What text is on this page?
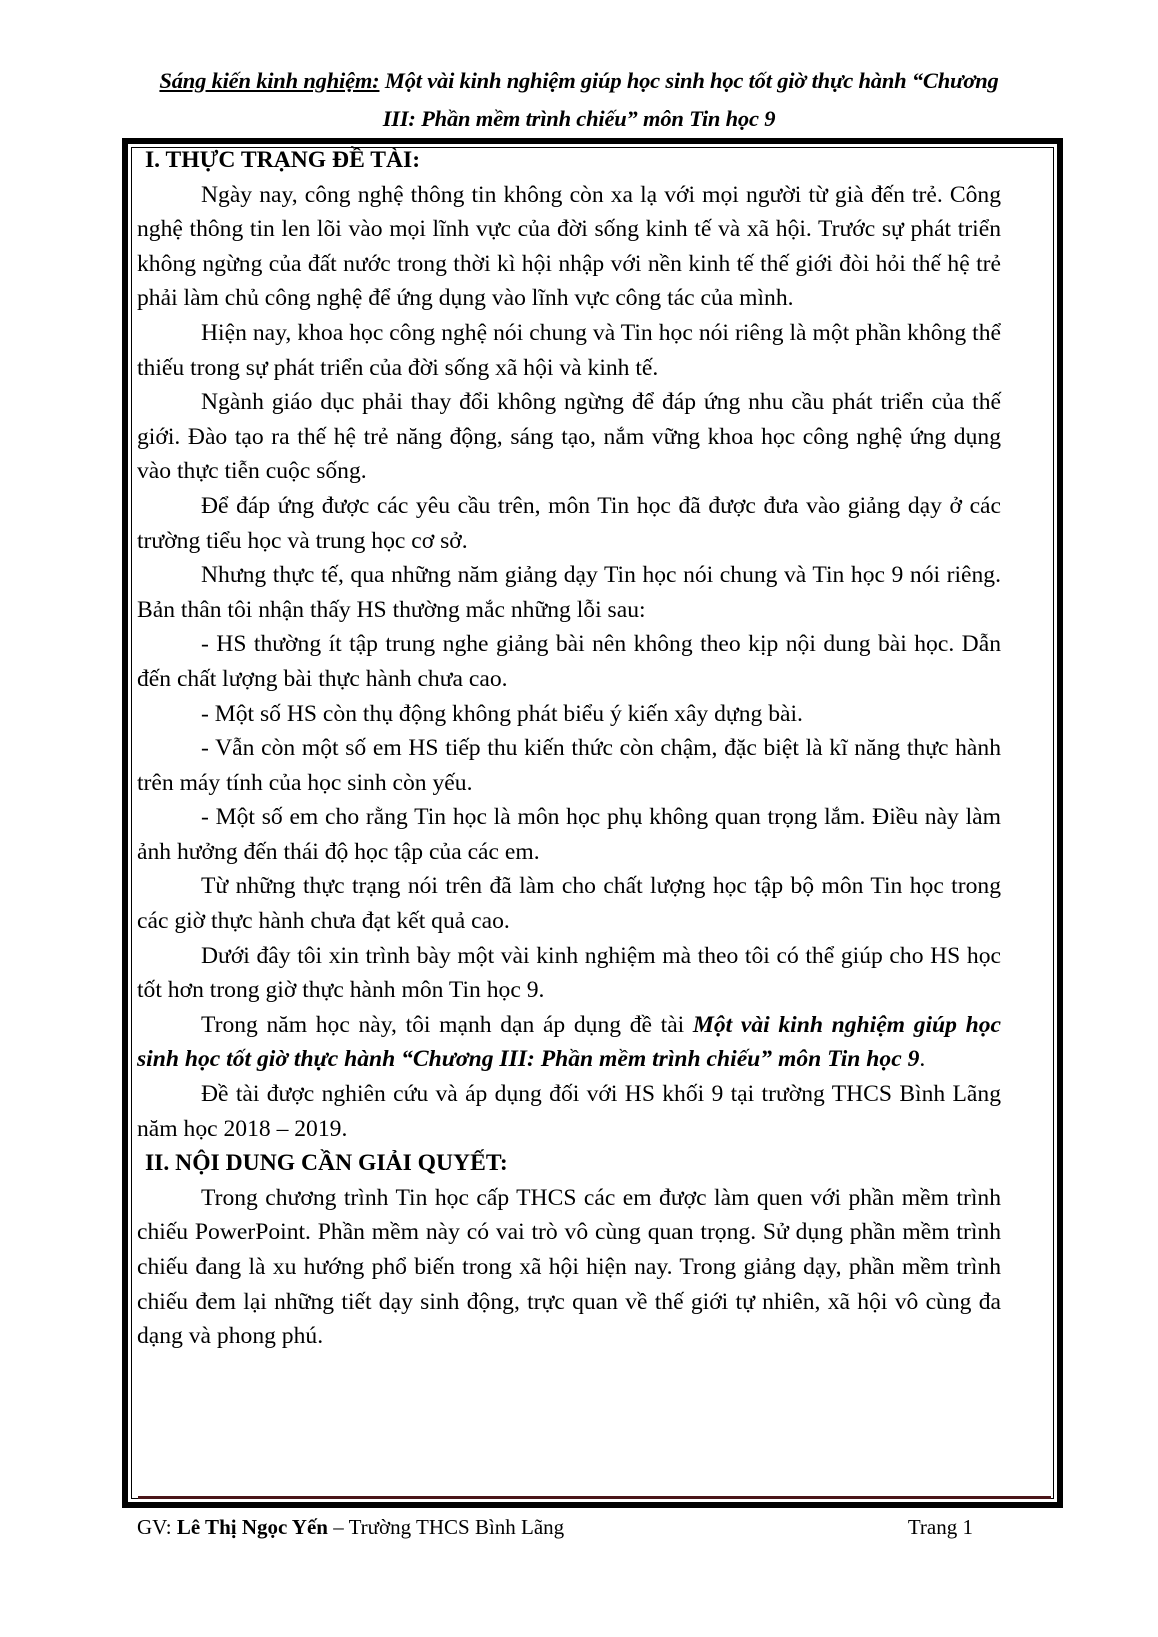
Sáng kiến kinh nghiệm: Một vài kinh nghiệm giúp học sinh học tốt giờ thực hành “Chương
III: Phần mềm trình chiếu” môn Tin học 9
I. THỰC TRẠNG ĐỀ TÀI:

Ngày nay, công nghệ thông tin không còn xa lạ với mọi người từ già đến trẻ. Công nghệ thông tin len lõi vào mọi lĩnh vực của đời sống kinh tế và xã hội. Trước sự phát triển không ngừng của đất nước trong thời kì hội nhập với nền kinh tế thế giới đòi hỏi thế hệ trẻ phải làm chủ công nghệ để ứng dụng vào lĩnh vực công tác của mình.

Hiện nay, khoa học công nghệ nói chung và Tin học nói riêng là một phần không thể thiếu trong sự phát triển của đời sống xã hội và kinh tế.

Ngành giáo dục phải thay đổi không ngừng để đáp ứng nhu cầu phát triển của thế giới. Đào tạo ra thế hệ trẻ năng động, sáng tạo, nắm vững khoa học công nghệ ứng dụng vào thực tiễn cuộc sống.

Để đáp ứng được các yêu cầu trên, môn Tin học đã được đưa vào giảng dạy ở các trường tiểu học và trung học cơ sở.

Nhưng thực tế, qua những năm giảng dạy Tin học nói chung và Tin học 9 nói riêng. Bản thân tôi nhận thấy HS thường mắc những lỗi sau:

- HS thường ít tập trung nghe giảng bài nên không theo kịp nội dung bài học. Dẫn đến chất lượng bài thực hành chưa cao.

- Một số HS còn thụ động không phát biểu ý kiến xây dựng bài.

- Vẫn còn một số em HS tiếp thu kiến thức còn chậm, đặc biệt là kĩ năng thực hành trên máy tính của học sinh còn yếu.

- Một số em cho rằng Tin học là môn học phụ không quan trọng lắm. Điều này làm ảnh hưởng đến thái độ học tập của các em.

Từ những thực trạng nói trên đã làm cho chất lượng học tập bộ môn Tin học trong các giờ thực hành chưa đạt kết quả cao.

Dưới đây tôi xin trình bày một vài kinh nghiệm mà theo tôi có thể giúp cho HS học tốt hơn trong giờ thực hành môn Tin học 9.

Trong năm học này, tôi mạnh dạn áp dụng đề tài Một vài kinh nghiệm giúp học sinh học tốt giờ thực hành “Chương III: Phần mềm trình chiếu” môn Tin học 9.

Đề tài được nghiên cứu và áp dụng đối với HS khối 9 tại trường THCS Bình Lãng năm học 2018 – 2019.

II. NỘI DUNG CẦN GIẢI QUYẾT:

Trong chương trình Tin học cấp THCS các em được làm quen với phần mềm trình chiếu PowerPoint. Phần mềm này có vai trò vô cùng quan trọng. Sử dụng phần mềm trình chiếu đang là xu hướng phổ biến trong xã hội hiện nay. Trong giảng dạy, phần mềm trình chiếu đem lại những tiết dạy sinh động, trực quan về thế giới tự nhiên, xã hội vô cùng đa dạng và phong phú.

GV: Lê Thị Ngọc Yến – Trường THCS Bình Lãng	Trang 1
